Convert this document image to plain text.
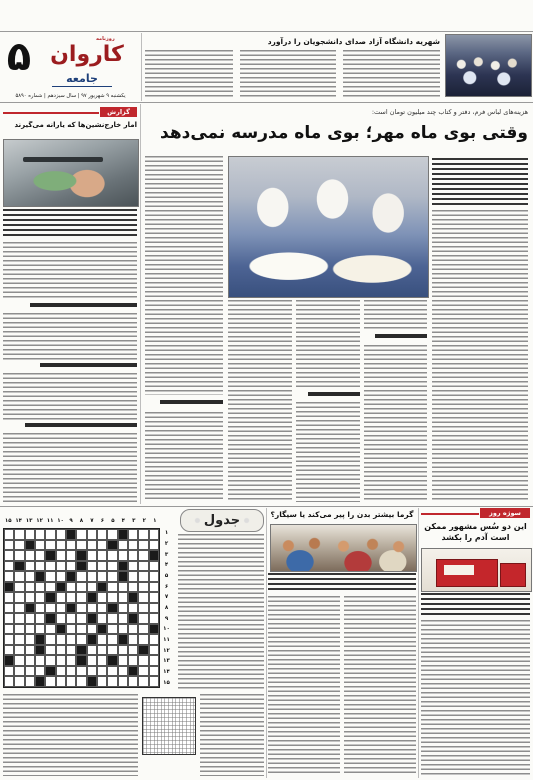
۵	روزنامه
کاروان
جامعه
یکشنبه ۹ شهریور ۹۷ | سال سیزدهم | شماره ۵۸۹۰
شهریه دانشگاه آزاد صدای دانشجویان را درآورد
هزینه‌های لباس فرم، دفتر و کتاب چند میلیون تومان است:
وقتی بوی ماه مهر؛ بوی ماه مدرسه نمی‌دهد
گزارش
آمار خارج‌نشین‌ها که یارانه می‌گیرند
سوژه روز
این دو سُس مشهور ممکن است آدم را بکشد
گرما بیشتر بدن را پیر می‌کند یا سیگار؟
۱
۲
۳
۴
۵
۶
۷
۸
۹
۱۰
۱۱
۱۲
۱۳
۱۴
۱۵
۱
۲
۳
۴
۵
۶
۷
۸
۹
۱۰
۱۱
۱۲
۱۳
۱۴
۱۵
جدول
